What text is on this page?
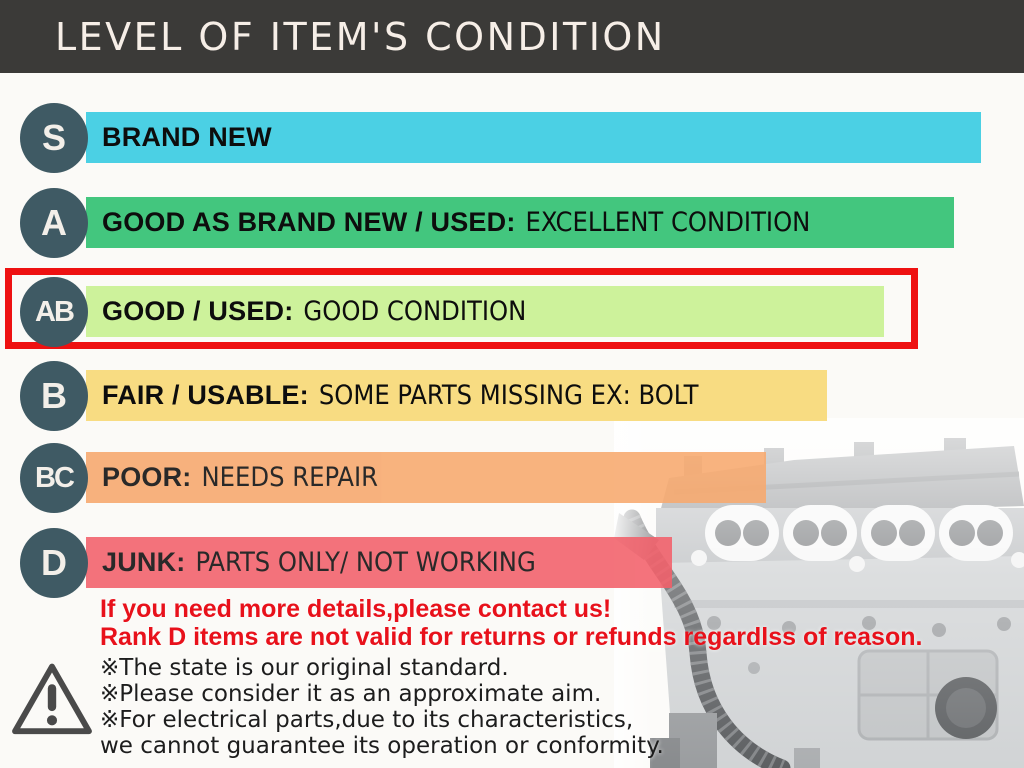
LEVEL OF ITEM'S CONDITION
BRAND NEW
S
GOOD AS BRAND NEW / USED: EXCELLENT CONDITION
A
GOOD / USED: GOOD CONDITION
AB
FAIR / USABLE: SOME PARTS MISSING EX: BOLT
B
POOR: NEEDS REPAIR
BC
JUNK: PARTS ONLY/ NOT WORKING
D
If you need more details,please contact us!
Rank D items are not valid for returns or refunds regardlss of reason.
※The state is our original standard.
※Please consider it as an approximate aim.
※For electrical parts,due to its characteristics,
we cannot guarantee its operation or conformity.
